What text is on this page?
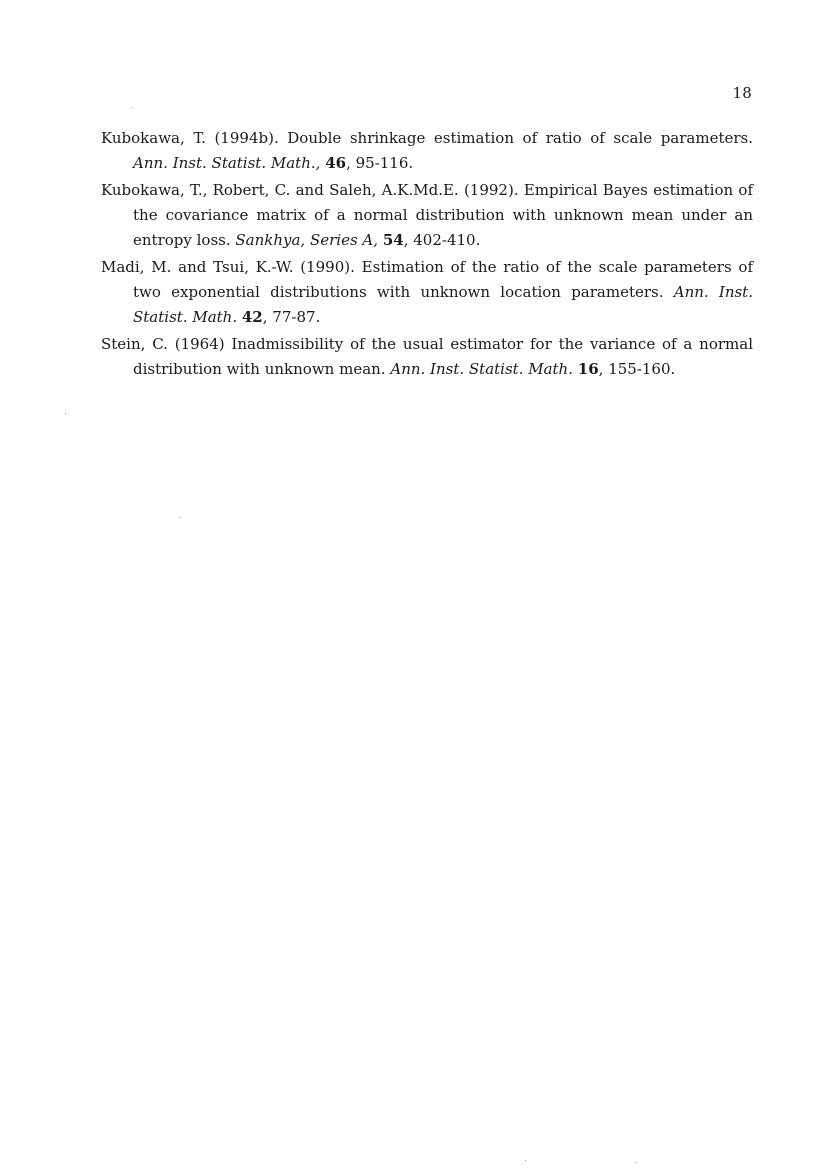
18
Kubokawa, T. (1994b). Double shrinkage estimation of ratio of scale parameters. Ann. Inst. Statist. Math., 46, 95-116.
Kubokawa, T., Robert, C. and Saleh, A.K.Md.E. (1992). Empirical Bayes estimation of the covariance matrix of a normal distribution with unknown mean under an entropy loss. Sankhya, Series A, 54, 402-410.
Madi, M. and Tsui, K.-W. (1990). Estimation of the ratio of the scale parameters of two exponential distributions with unknown location parameters. Ann. Inst. Statist. Math. 42, 77-87.
Stein, C. (1964) Inadmissibility of the usual estimator for the variance of a normal distribution with unknown mean. Ann. Inst. Statist. Math. 16, 155-160.
